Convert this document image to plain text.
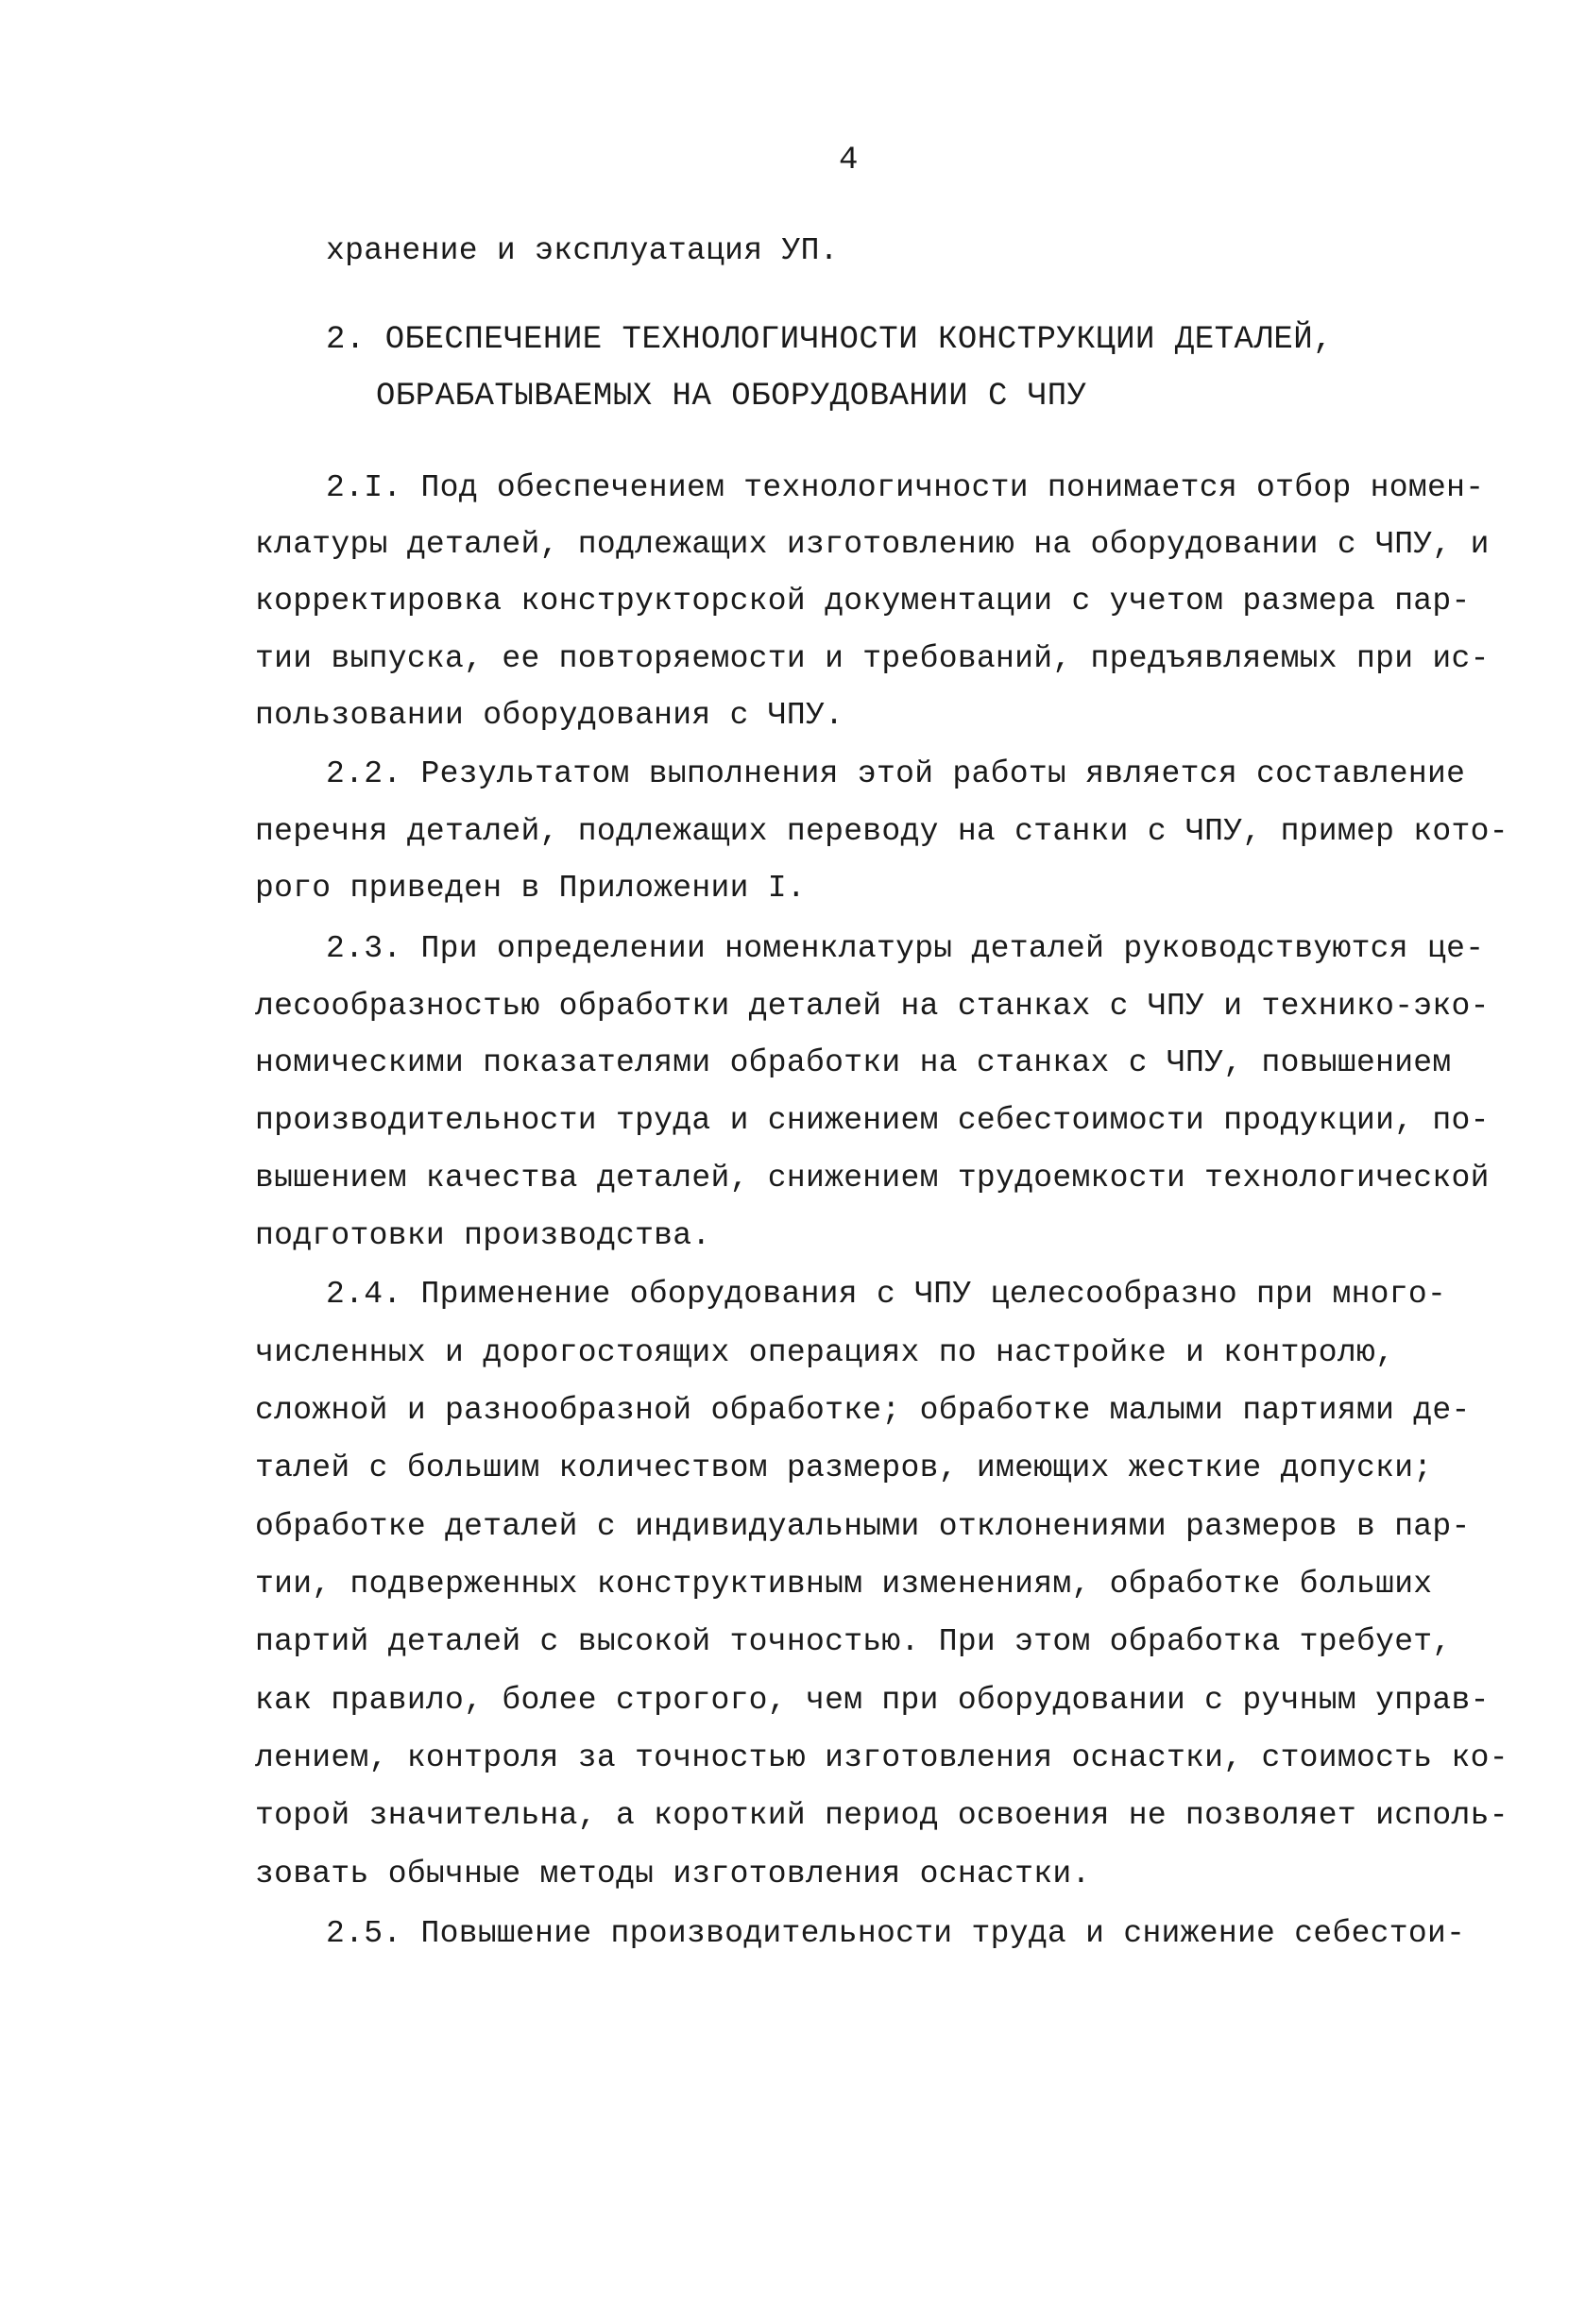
4
хранение и эксплуатация УП.
2. ОБЕСПЕЧЕНИЕ ТЕХНОЛОГИЧНОСТИ КОНСТРУКЦИИ ДЕТАЛЕЙ,
ОБРАБАТЫВАЕМЫХ НА ОБОРУДОВАНИИ С ЧПУ
2.I. Под обеспечением технологичности понимается отбор номен-
клатуры деталей, подлежащих изготовлению на оборудовании с ЧПУ, и
корректировка конструкторской документации с учетом размера пар-
тии выпуска, ее повторяемости и требований, предъявляемых при ис-
пользовании оборудования с ЧПУ.
2.2. Результатом выполнения этой работы является составление
перечня деталей, подлежащих переводу на станки с ЧПУ, пример кото-
рого приведен в Приложении I.
2.3. При определении номенклатуры деталей руководствуются це-
лесообразностью обработки деталей на станках с ЧПУ и технико-эко-
номическими показателями обработки на станках с ЧПУ, повышением
производительности труда и снижением себестоимости продукции, по-
вышением качества деталей, снижением трудоемкости технологической
подготовки производства.
2.4. Применение оборудования с ЧПУ целесообразно при много-
численных и дорогостоящих операциях по настройке и контролю,
сложной и разнообразной обработке; обработке малыми партиями де-
талей с большим количеством размеров, имеющих жесткие допуски;
обработке деталей с индивидуальными отклонениями размеров в пар-
тии, подверженных конструктивным изменениям, обработке больших
партий деталей с высокой точностью. При этом обработка требует,
как правило, более строгого, чем при оборудовании с ручным управ-
лением, контроля за точностью изготовления оснастки, стоимость ко-
торой значительна, а короткий период освоения не позволяет исполь-
зовать обычные методы изготовления оснастки.
2.5. Повышение производительности труда и снижение себестои-
